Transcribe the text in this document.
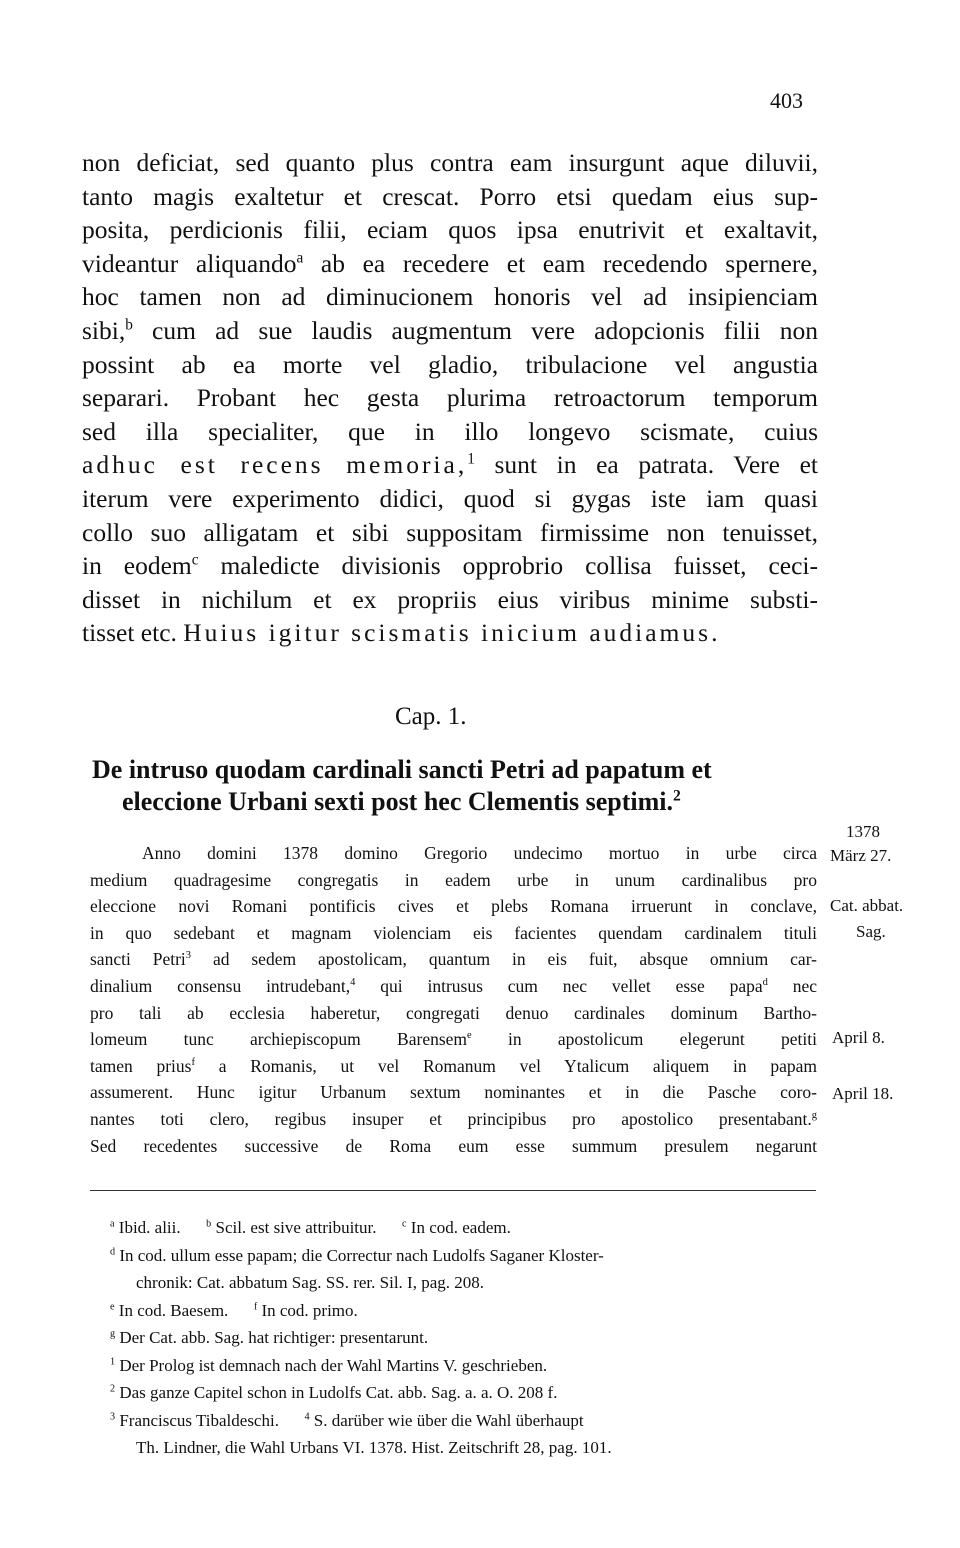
403
non deficiat, sed quanto plus contra eam insurgunt aque diluvii,
tanto magis exaltetur et crescat. Porro etsi quedam eius sup-
posita, perdicionis filii, eciam quos ipsa enutrivit et exaltavit,
videantur aliquando$^a$ ab ea recedere et eam recedendo spernere,
hoc tamen non ad diminucionem honoris vel ad insipienciam
sibi,$^b$ cum ad sue laudis augmentum vere adopcionis filii non
possint ab ea morte vel gladio, tribulacione vel angustia
separari. Probant hec gesta plurima retroactorum temporum
sed illa specialiter, que in illo longevo scismate, cuius
adhuc est recens memoria,$^1$ sunt in ea patrata. Vere et
iterum vere experimento didici, quod si gygas iste iam quasi
collo suo alligatam et sibi suppositam firmissime non tenuisset,
in eodem$^c$ maledicte divisionis opprobrio collisa fuisset, ceci-
disset in nichilum et ex propriis eius viribus minime substi-
tisset etc. Huius igitur scismatis inicium audiamus.
Cap. 1.
De intruso quodam cardinali sancti Petri ad papatum et
eleccione Urbani sexti post hec Clementis septimi.$^2$
Anno domini 1378 domino Gregorio undecimo mortuo in urbe circa
medium quadragesime congregatis in eadem urbe in unum cardinalibus pro
eleccione novi Romani pontificis cives et plebs Romana irruerunt in conclave,
in quo sedebant et magnam violenciam eis facientes quendam cardinalem tituli
sancti Petri$^3$ ad sedem apostolicam, quantum in eis fuit, absque omnium car-
dinalium consensu intrudebant,$^4$ qui intrusus cum nec vellet esse papa$^d$ nec
pro tali ab ecclesia haberetur, congregati denuo cardinales dominum Bartho-
lomeum tunc archiepiscopum Barensem$^e$ in apostolicum elegerunt petiti
tamen prius$^f$ a Romanis, ut vel Romanum vel Ytalicum aliquem in papam
assumerent. Hunc igitur Urbanum sextum nominantes et in die Pasche coro-
nantes toti clero, regibus insuper et principibus pro apostolico presentabant.$^g$
Sed recedentes successive de Roma eum esse summum presulem negarunt
1378
März 27.
Cat. abbat.
Sag.
April 8.
April 18.
$^a$ Ibid. alii.	$^b$ Scil. est sive attribuitur.	$^c$ In cod. eadem.
$^d$ In cod. ullum esse papam; die Correctur nach Ludolfs Saganer Kloster-
chronik: Cat. abbatum Sag. SS. rer. Sil. I, pag. 208.
$^e$ In cod. Baesem.	$^f$ In cod. primo.
$^g$ Der Cat. abb. Sag. hat richtiger: presentarunt.
$^1$ Der Prolog ist demnach nach der Wahl Martins V. geschrieben.
$^2$ Das ganze Capitel schon in Ludolfs Cat. abb. Sag. a. a. O. 208 f.
$^3$ Franciscus Tibaldeschi.	$^4$ S. darüber wie über die Wahl überhaupt
Th. Lindner, die Wahl Urbans VI. 1378. Hist. Zeitschrift 28, pag. 101.
